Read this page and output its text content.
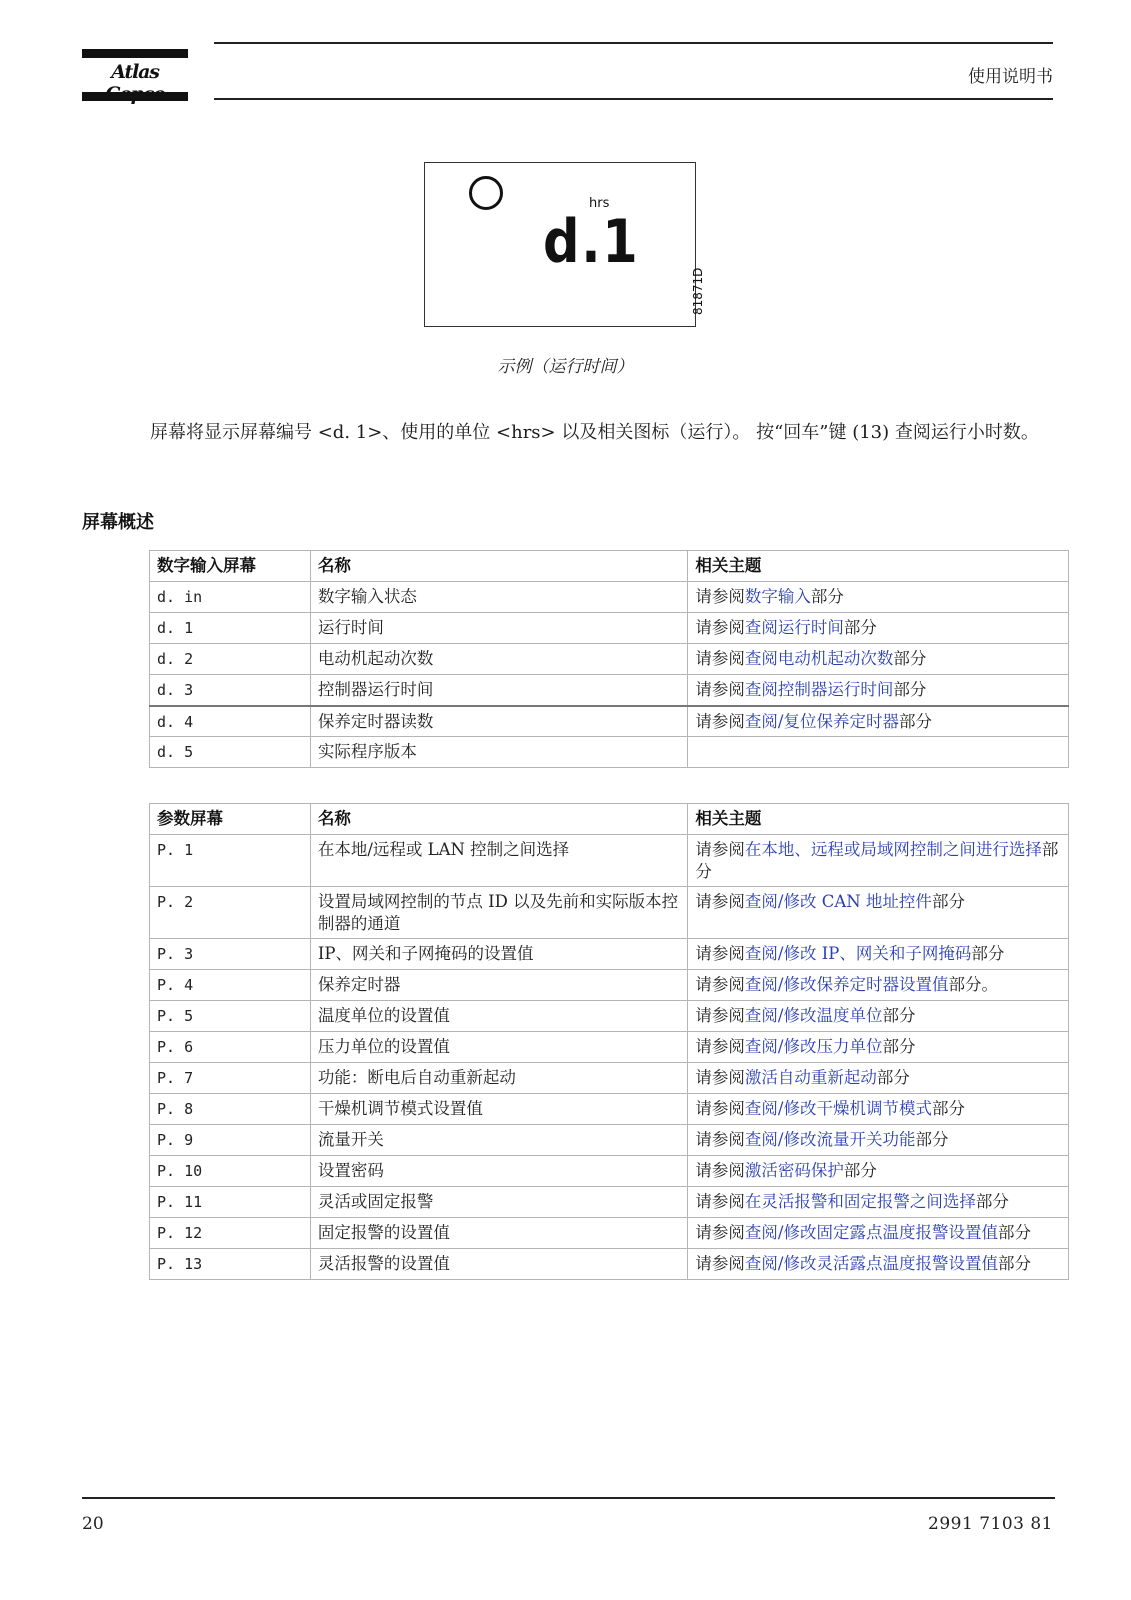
Atlas	使用说明书
hrs
d.1
81871D
示例（运行时间）
屏幕将显示屏幕编号 <d. 1>、使用的单位 <hrs> 以及相关图标（运行）。 按“回车”键 (13) 查阅运行小时数。
屏幕概述
数字输入屏幕	名称	相关主题
d. in	数字输入状态	请参阅数字输入部分
d. 1	运行时间	请参阅查阅运行时间部分
d. 2	电动机起动次数	请参阅查阅电动机起动次数部分
d. 3	控制器运行时间	请参阅查阅控制器运行时间部分
d. 4	保养定时器读数	请参阅查阅/复位保养定时器部分
d. 5	实际程序版本	
参数屏幕	名称	相关主题
P. 1	在本地/远程或 LAN 控制之间选择	请参阅在本地、远程或局域网控制之间进行选择部分
P. 2	设置局域网控制的节点 ID 以及先前和实际版本控制器的通道	请参阅查阅/修改 CAN 地址控件部分
P. 3	IP、网关和子网掩码的设置值	请参阅查阅/修改 IP、网关和子网掩码部分
P. 4	保养定时器	请参阅查阅/修改保养定时器设置值部分。
P. 5	温度单位的设置值	请参阅查阅/修改温度单位部分
P. 6	压力单位的设置值	请参阅查阅/修改压力单位部分
P. 7	功能：断电后自动重新起动	请参阅激活自动重新起动部分
P. 8	干燥机调节模式设置值	请参阅查阅/修改干燥机调节模式部分
P. 9	流量开关	请参阅查阅/修改流量开关功能部分
P. 10	设置密码	请参阅激活密码保护部分
P. 11	灵活或固定报警	请参阅在灵活报警和固定报警之间选择部分
P. 12	固定报警的设置值	请参阅查阅/修改固定露点温度报警设置值部分
P. 13	灵活报警的设置值	请参阅查阅/修改灵活露点温度报警设置值部分
20	2991 7103 81
